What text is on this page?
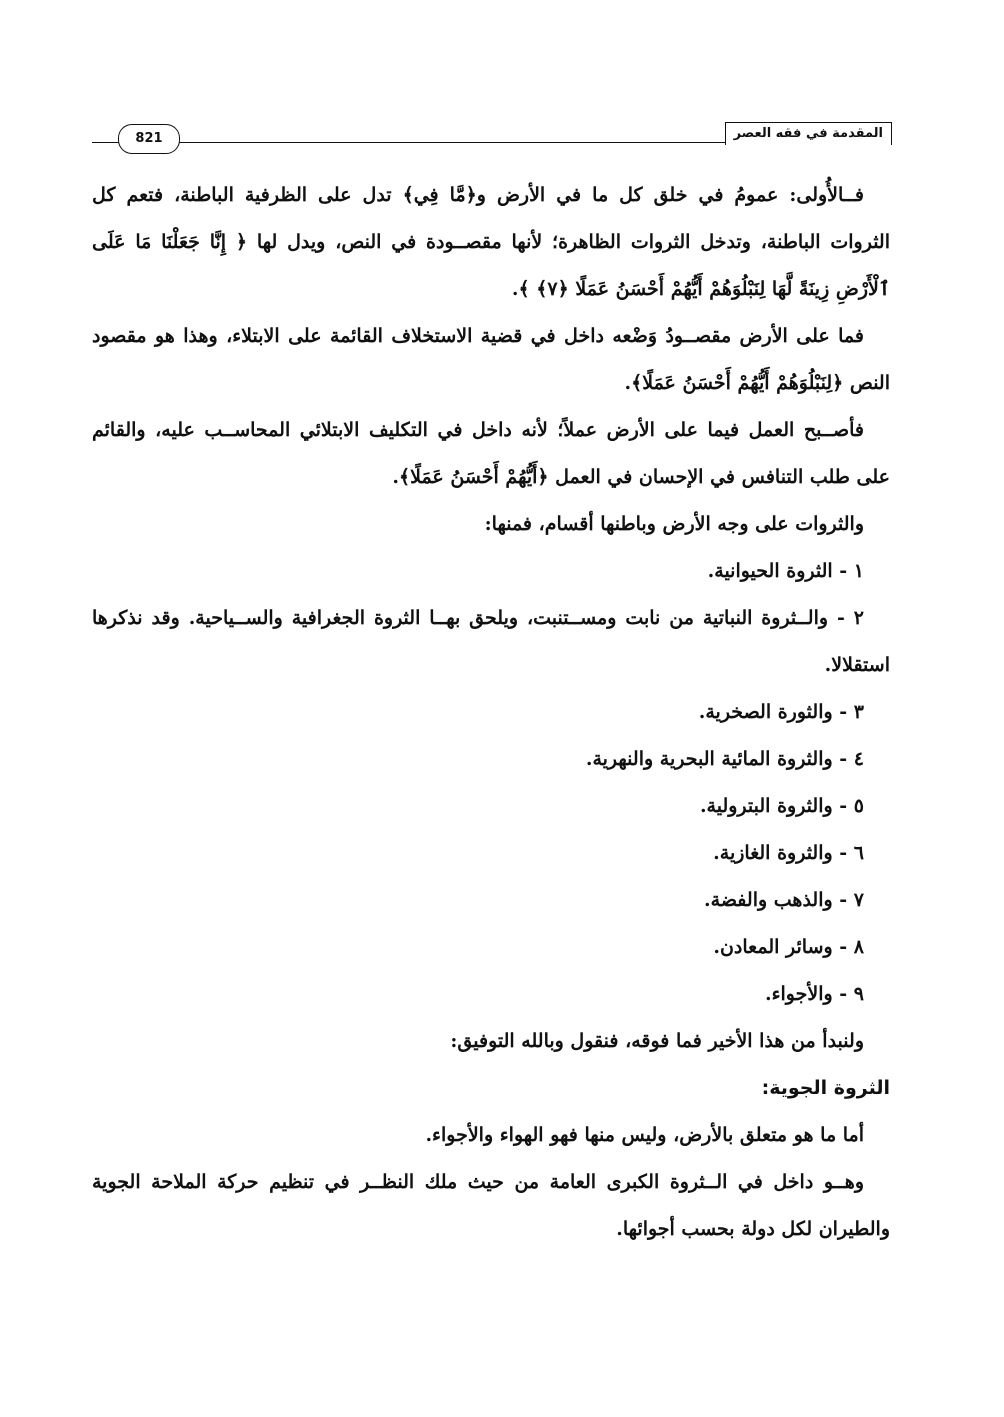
المقدمة في فقه العصر
821

فــالأُولى: عمومُ في خلق كل ما في الأرض و﴿مَّا فِي﴾ تدل على الظرفية الباطنة، فتعم كل الثروات الباطنة، وتدخل الثروات الظاهرة؛ لأنها مقصــودة في النص، ويدل لها ﴿ إِنَّا جَعَلْنَا مَا عَلَى ٱلْأَرْضِ زِينَةً لَّهَا لِنَبْلُوَهُمْ أَيُّهُمْ أَحْسَنُ عَمَلًا ﴿٧﴾ ﴾.

فما على الأرض مقصــودُ وَضْعه داخل في قضية الاستخلاف القائمة على الابتلاء، وهذا هو مقصود النص ﴿لِنَبْلُوَهُمْ أَيُّهُمْ أَحْسَنُ عَمَلًا﴾.

فأصــبح العمل فيما على الأرض عملاً؛ لأنه داخل في التكليف الابتلائي المحاســب عليه، والقائم على طلب التنافس في الإحسان في العمل ﴿أَيُّهُمْ أَحْسَنُ عَمَلًا﴾.

والثروات على وجه الأرض وباطنها أقسام، فمنها:

١ - الثروة الحيوانية.

٢ - والــثروة النباتية من نابت ومســتنبت، ويلحق بهــا الثروة الجغرافية والســياحية. وقد نذكرها استقلالا.

٣ - والثورة الصخرية.

٤ - والثروة المائية البحرية والنهرية.

٥ - والثروة البترولية.

٦ - والثروة الغازية.

٧ - والذهب والفضة.

٨ - وسائر المعادن.

٩ - والأجواء.

ولنبدأ من هذا الأخير فما فوقه، فنقول وبالله التوفيق:

الثروة الجوية:

أما ما هو متعلق بالأرض، وليس منها فهو الهواء والأجواء.

وهــو داخل في الــثروة الكبرى العامة من حيث ملك النظــر في تنظيم حركة الملاحة الجوية والطيران لكل دولة بحسب أجوائها.
